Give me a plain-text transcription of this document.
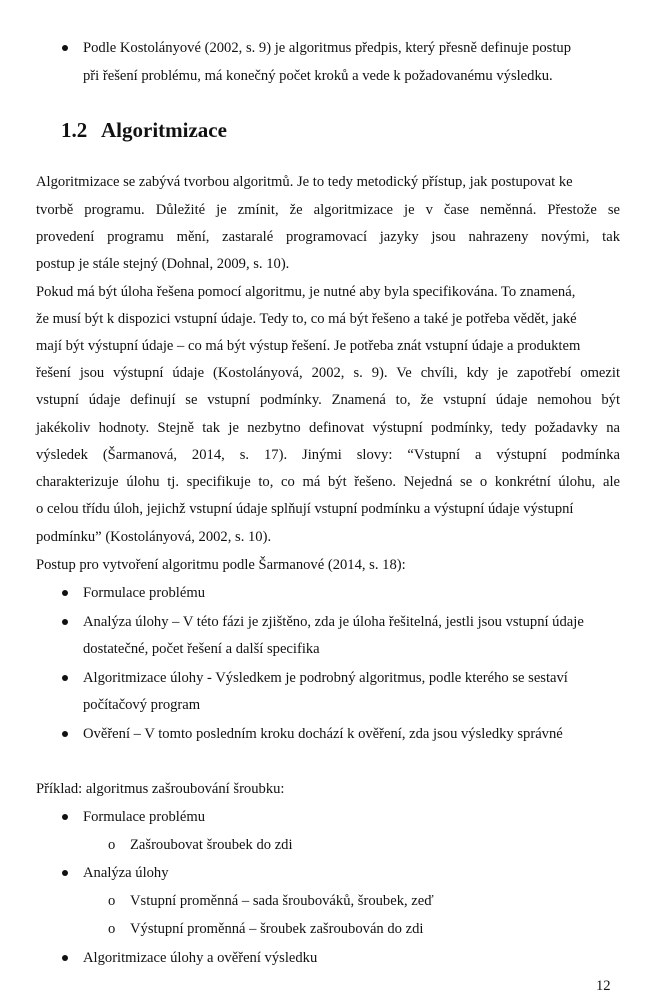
Podle Kostolányové (2002, s. 9) je algoritmus předpis, který přesně definuje postup
při řešení problému, má konečný počet kroků a vede k požadovanému výsledku.
1.2 Algoritmizace
Algoritmizace se zabývá tvorbou algoritmů. Je to tedy metodický přístup, jak postupovat ke
tvorbě programu. Důležité je zmínit, že algoritmizace je v čase neměnná. Přestože se
provedení programu mění, zastaralé programovací jazyky jsou nahrazeny novými, tak
postup je stále stejný (Dohnal, 2009, s. 10).
Pokud má být úloha řešena pomocí algoritmu, je nutné aby byla specifikována. To znamená,
že musí být k dispozici vstupní údaje. Tedy to, co má být řešeno a také je potřeba vědět, jaké
mají být výstupní údaje – co má být výstup řešení. Je potřeba znát vstupní údaje a produktem
řešení jsou výstupní údaje (Kostolányová, 2002, s. 9). Ve chvíli, kdy je zapotřebí omezit
vstupní údaje definují se vstupní podmínky. Znamená to, že vstupní údaje nemohou být
jakékoliv hodnoty. Stejně tak je nezbytno definovat výstupní podmínky, tedy požadavky na
výsledek (Šarmanová, 2014, s. 17). Jinými slovy: “Vstupní a výstupní podmínka
charakterizuje úlohu tj. specifikuje to, co má být řešeno. Nejedná se o konkrétní úlohu, ale
o celou třídu úloh, jejichž vstupní údaje splňují vstupní podmínku a výstupní údaje výstupní
podmínku” (Kostolányová, 2002, s. 10).
Postup pro vytvoření algoritmu podle Šarmanové (2014, s. 18):
Formulace problému
Analýza úlohy – V této fázi je zjištěno, zda je úloha řešitelná, jestli jsou vstupní údaje
dostatečné, počet řešení a další specifika
Algoritmizace úlohy - Výsledkem je podrobný algoritmus, podle kterého se sestaví
počítačový program
Ověření – V tomto posledním kroku dochází k ověření, zda jsou výsledky správné
Příklad: algoritmus zašroubování šroubku:
Formulace problému
o Zašroubovat šroubek do zdi
Analýza úlohy
o Vstupní proměnná – sada šroubováků, šroubek, zeď
o Výstupní proměnná – šroubek zašroubován do zdi
Algoritmizace úlohy a ověření výsledku
12
